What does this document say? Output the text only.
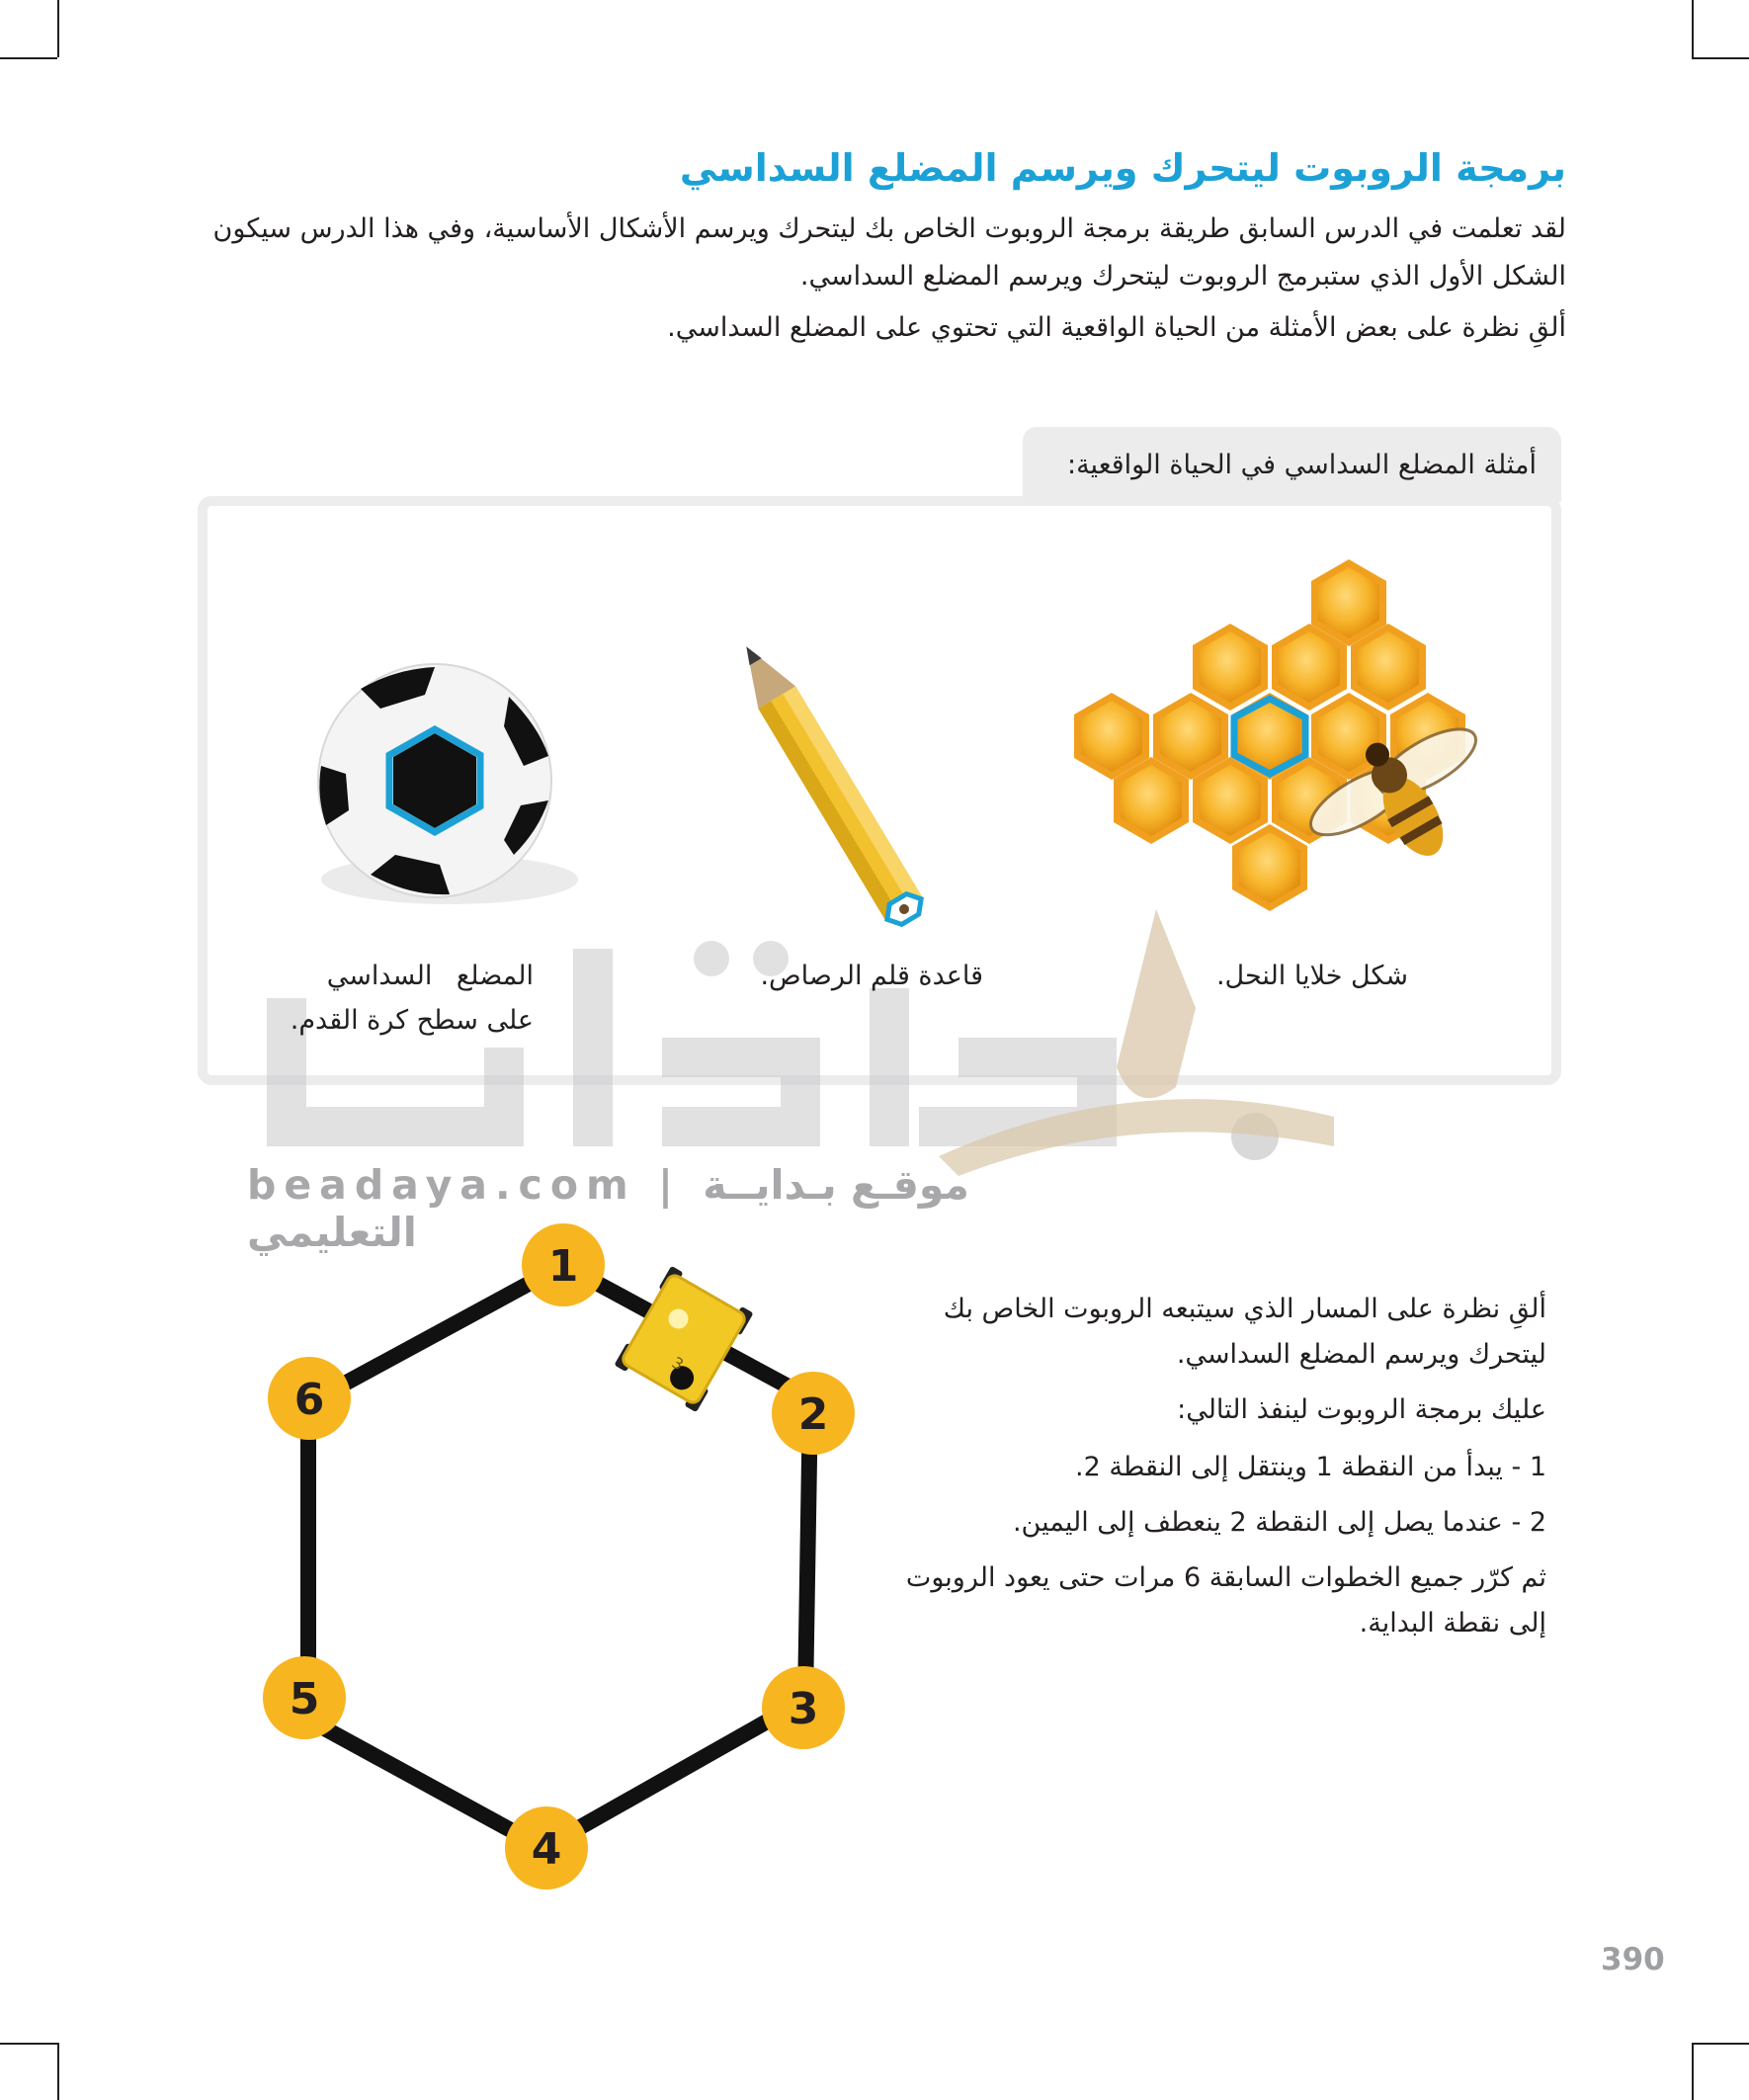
برمجة الروبوت ليتحرك ويرسم المضلع السداسي
لقد تعلمت في الدرس السابق طريقة برمجة الروبوت الخاص بك ليتحرك ويرسم الأشكال الأساسية، وفي هذا الدرس سيكون الشكل الأول الذي ستبرمج الروبوت ليتحرك ويرسم المضلع السداسي.
ألقِ نظرة على بعض الأمثلة من الحياة الواقعية التي تحتوي على المضلع السداسي.
أمثلة المضلع السداسي في الحياة الواقعية:
شكل خلايا النحل.
قاعدة قلم الرصاص.
المضلع السداسي
على سطح كرة القدم.
beadaya.com | موقـع بـدايــة التعليمي
3
1
2
3
4
5
6
ألقِ نظرة على المسار الذي سيتبعه الروبوت الخاص بك ليتحرك ويرسم المضلع السداسي.
عليك برمجة الروبوت لينفذ التالي:
1 - يبدأ من النقطة 1 وينتقل إلى النقطة 2.
2 - عندما يصل إلى النقطة 2 ينعطف إلى اليمين.
ثم كرّر جميع الخطوات السابقة 6 مرات حتى يعود الروبوت إلى نقطة البداية.
390
